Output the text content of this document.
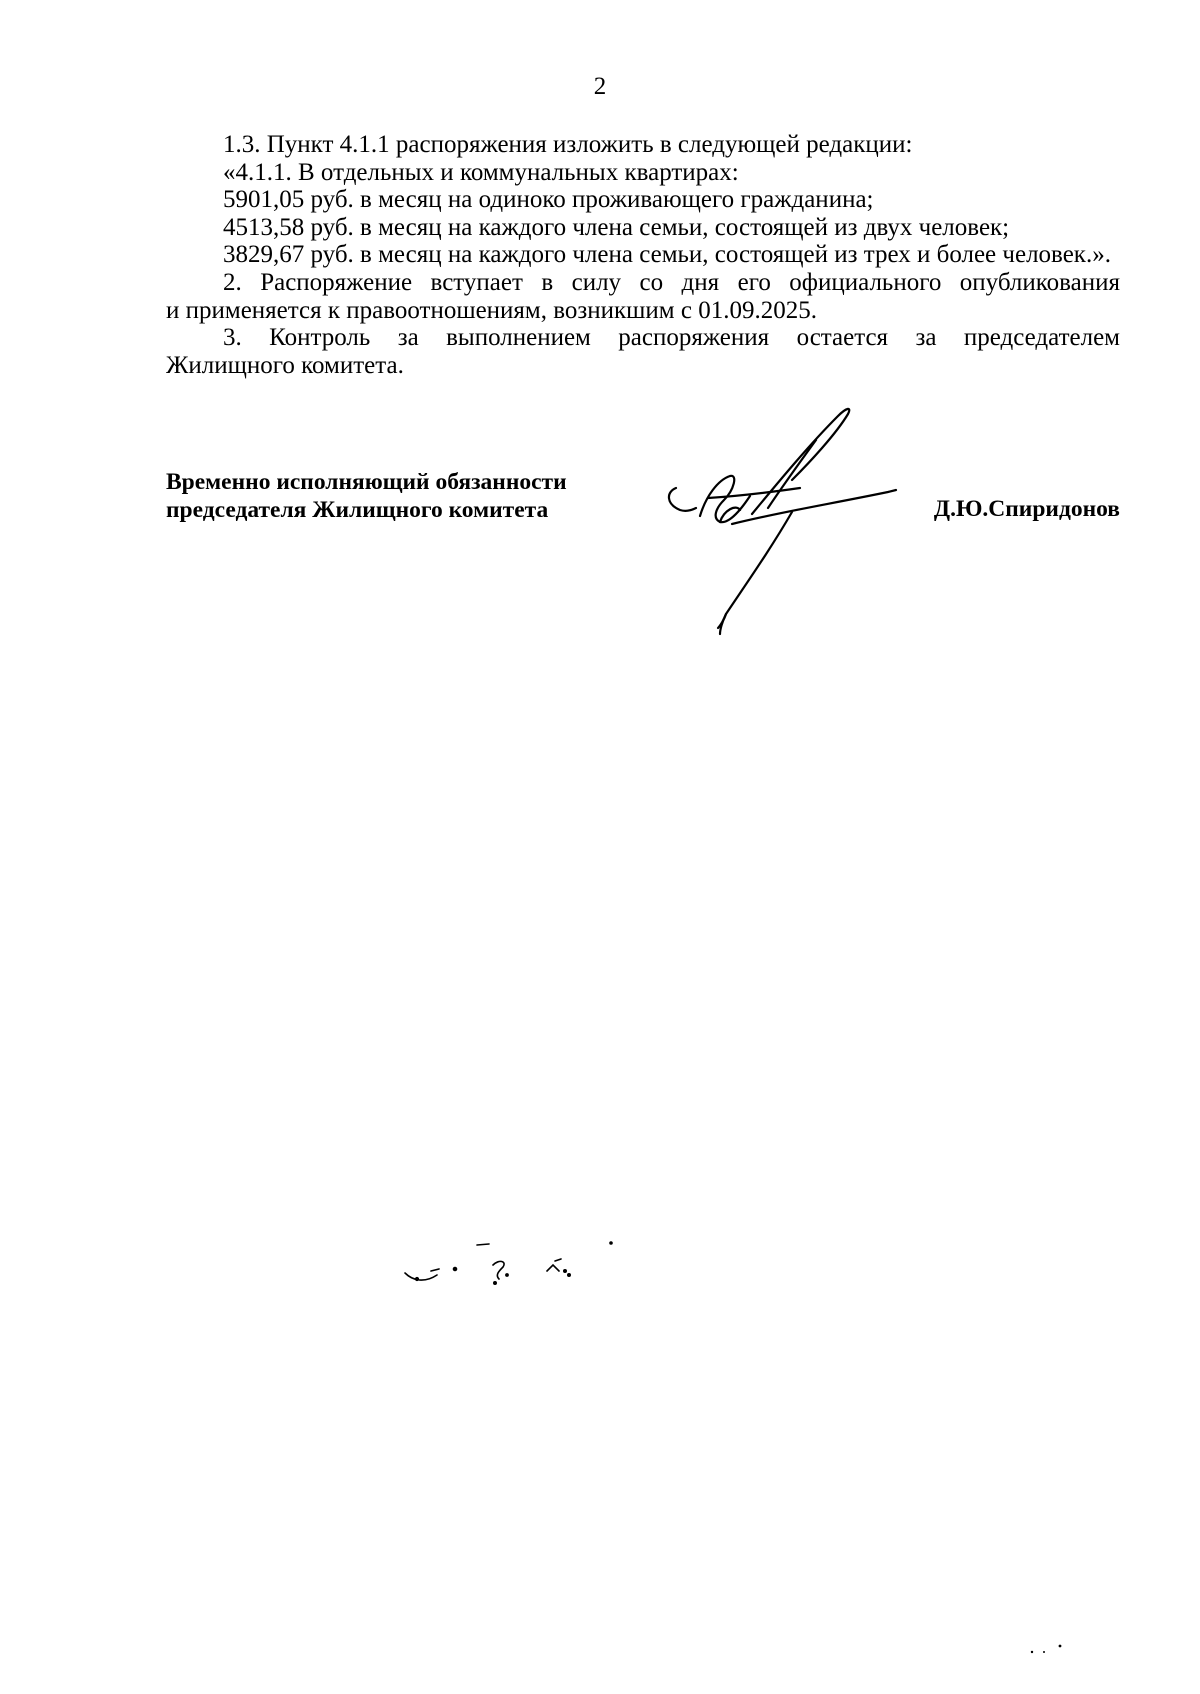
2

1.3. Пункт 4.1.1 распоряжения изложить в следующей редакции:

«4.1.1. В отдельных и коммунальных квартирах:

5901,05 руб. в месяц на одиноко проживающего гражданина;

4513,58 руб. в месяц на каждого члена семьи, состоящей из двух человек;

3829,67 руб. в месяц на каждого члена семьи, состоящей из трех и более человек.».

2. Распоряжение вступает в силу со дня его официального опубликования

и применяется к правоотношениям, возникшим с 01.09.2025.

3. Контроль за выполнением распоряжения остается за председателем

Жилищного комитета.

Временно исполняющий обязанности
председателя Жилищного комитета	Д.Ю.Спиридонов
